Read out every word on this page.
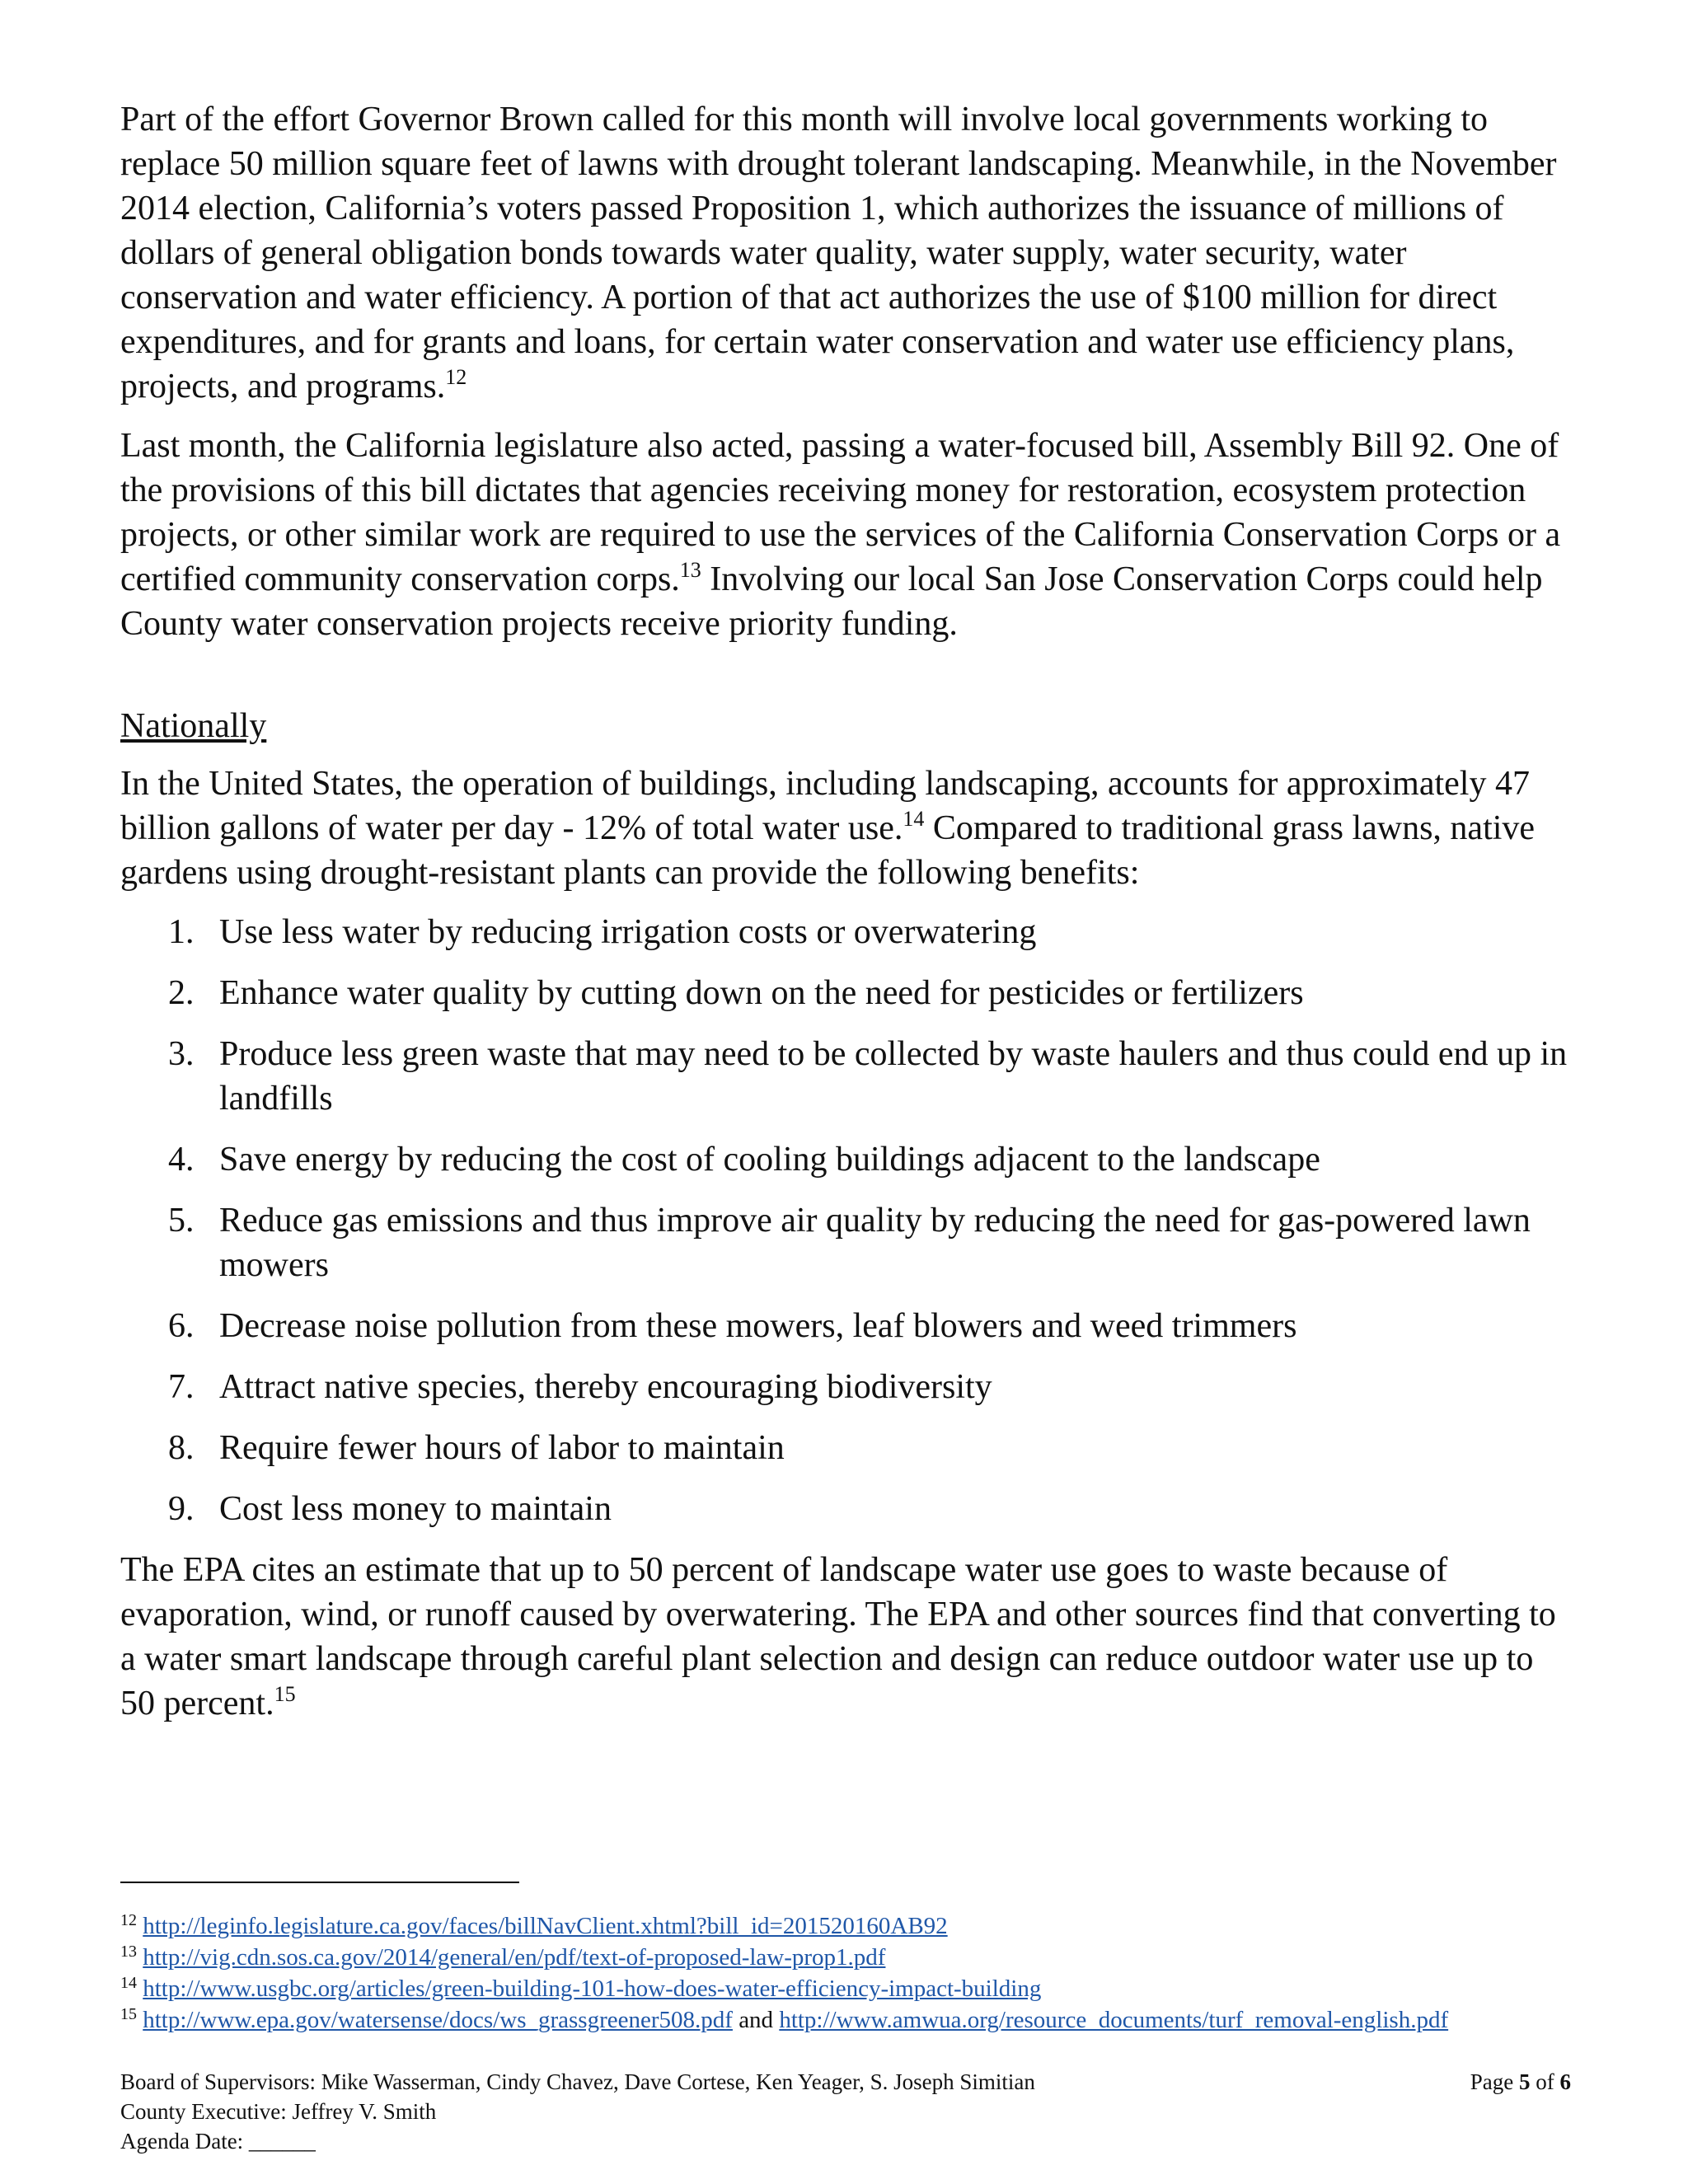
Part of the effort Governor Brown called for this month will involve local governments working to replace 50 million square feet of lawns with drought tolerant landscaping. Meanwhile, in the November 2014 election, California’s voters passed Proposition 1, which authorizes the issuance of millions of dollars of general obligation bonds towards water quality, water supply, water security, water conservation and water efficiency. A portion of that act authorizes the use of $100 million for direct expenditures, and for grants and loans, for certain water conservation and water use efficiency plans, projects, and programs.$^{12}$

Last month, the California legislature also acted, passing a water-focused bill, Assembly Bill 92. One of the provisions of this bill dictates that agencies receiving money for restoration, ecosystem protection projects, or other similar work are required to use the services of the California Conservation Corps or a certified community conservation corps.$^{13}$ Involving our local San Jose Conservation Corps could help County water conservation projects receive priority funding.

Nationally

In the United States, the operation of buildings, including landscaping, accounts for approximately 47 billion gallons of water per day - 12% of total water use.$^{14}$ Compared to traditional grass lawns, native gardens using drought-resistant plants can provide the following benefits:

1. Use less water by reducing irrigation costs or overwatering
2. Enhance water quality by cutting down on the need for pesticides or fertilizers
3. Produce less green waste that may need to be collected by waste haulers and thus could end up in landfills
4. Save energy by reducing the cost of cooling buildings adjacent to the landscape
5. Reduce gas emissions and thus improve air quality by reducing the need for gas-powered lawn mowers
6. Decrease noise pollution from these mowers, leaf blowers and weed trimmers
7. Attract native species, thereby encouraging biodiversity
8. Require fewer hours of labor to maintain
9. Cost less money to maintain

The EPA cites an estimate that up to 50 percent of landscape water use goes to waste because of evaporation, wind, or runoff caused by overwatering. The EPA and other sources find that converting to a water smart landscape through careful plant selection and design can reduce outdoor water use up to 50 percent.$^{15}$

$^{12}$ http://leginfo.legislature.ca.gov/faces/billNavClient.xhtml?bill_id=201520160AB92
$^{13}$ http://vig.cdn.sos.ca.gov/2014/general/en/pdf/text-of-proposed-law-prop1.pdf
$^{14}$ http://www.usgbc.org/articles/green-building-101-how-does-water-efficiency-impact-building
$^{15}$ http://www.epa.gov/watersense/docs/ws_grassgreener508.pdf and http://www.amwua.org/resource_documents/turf_removal-english.pdf
Board of Supervisors: Mike Wasserman, Cindy Chavez, Dave Cortese, Ken Yeager, S. Joseph Simitian	Page 5 of 6
County Executive: Jeffrey V. Smith
Agenda Date: ______
